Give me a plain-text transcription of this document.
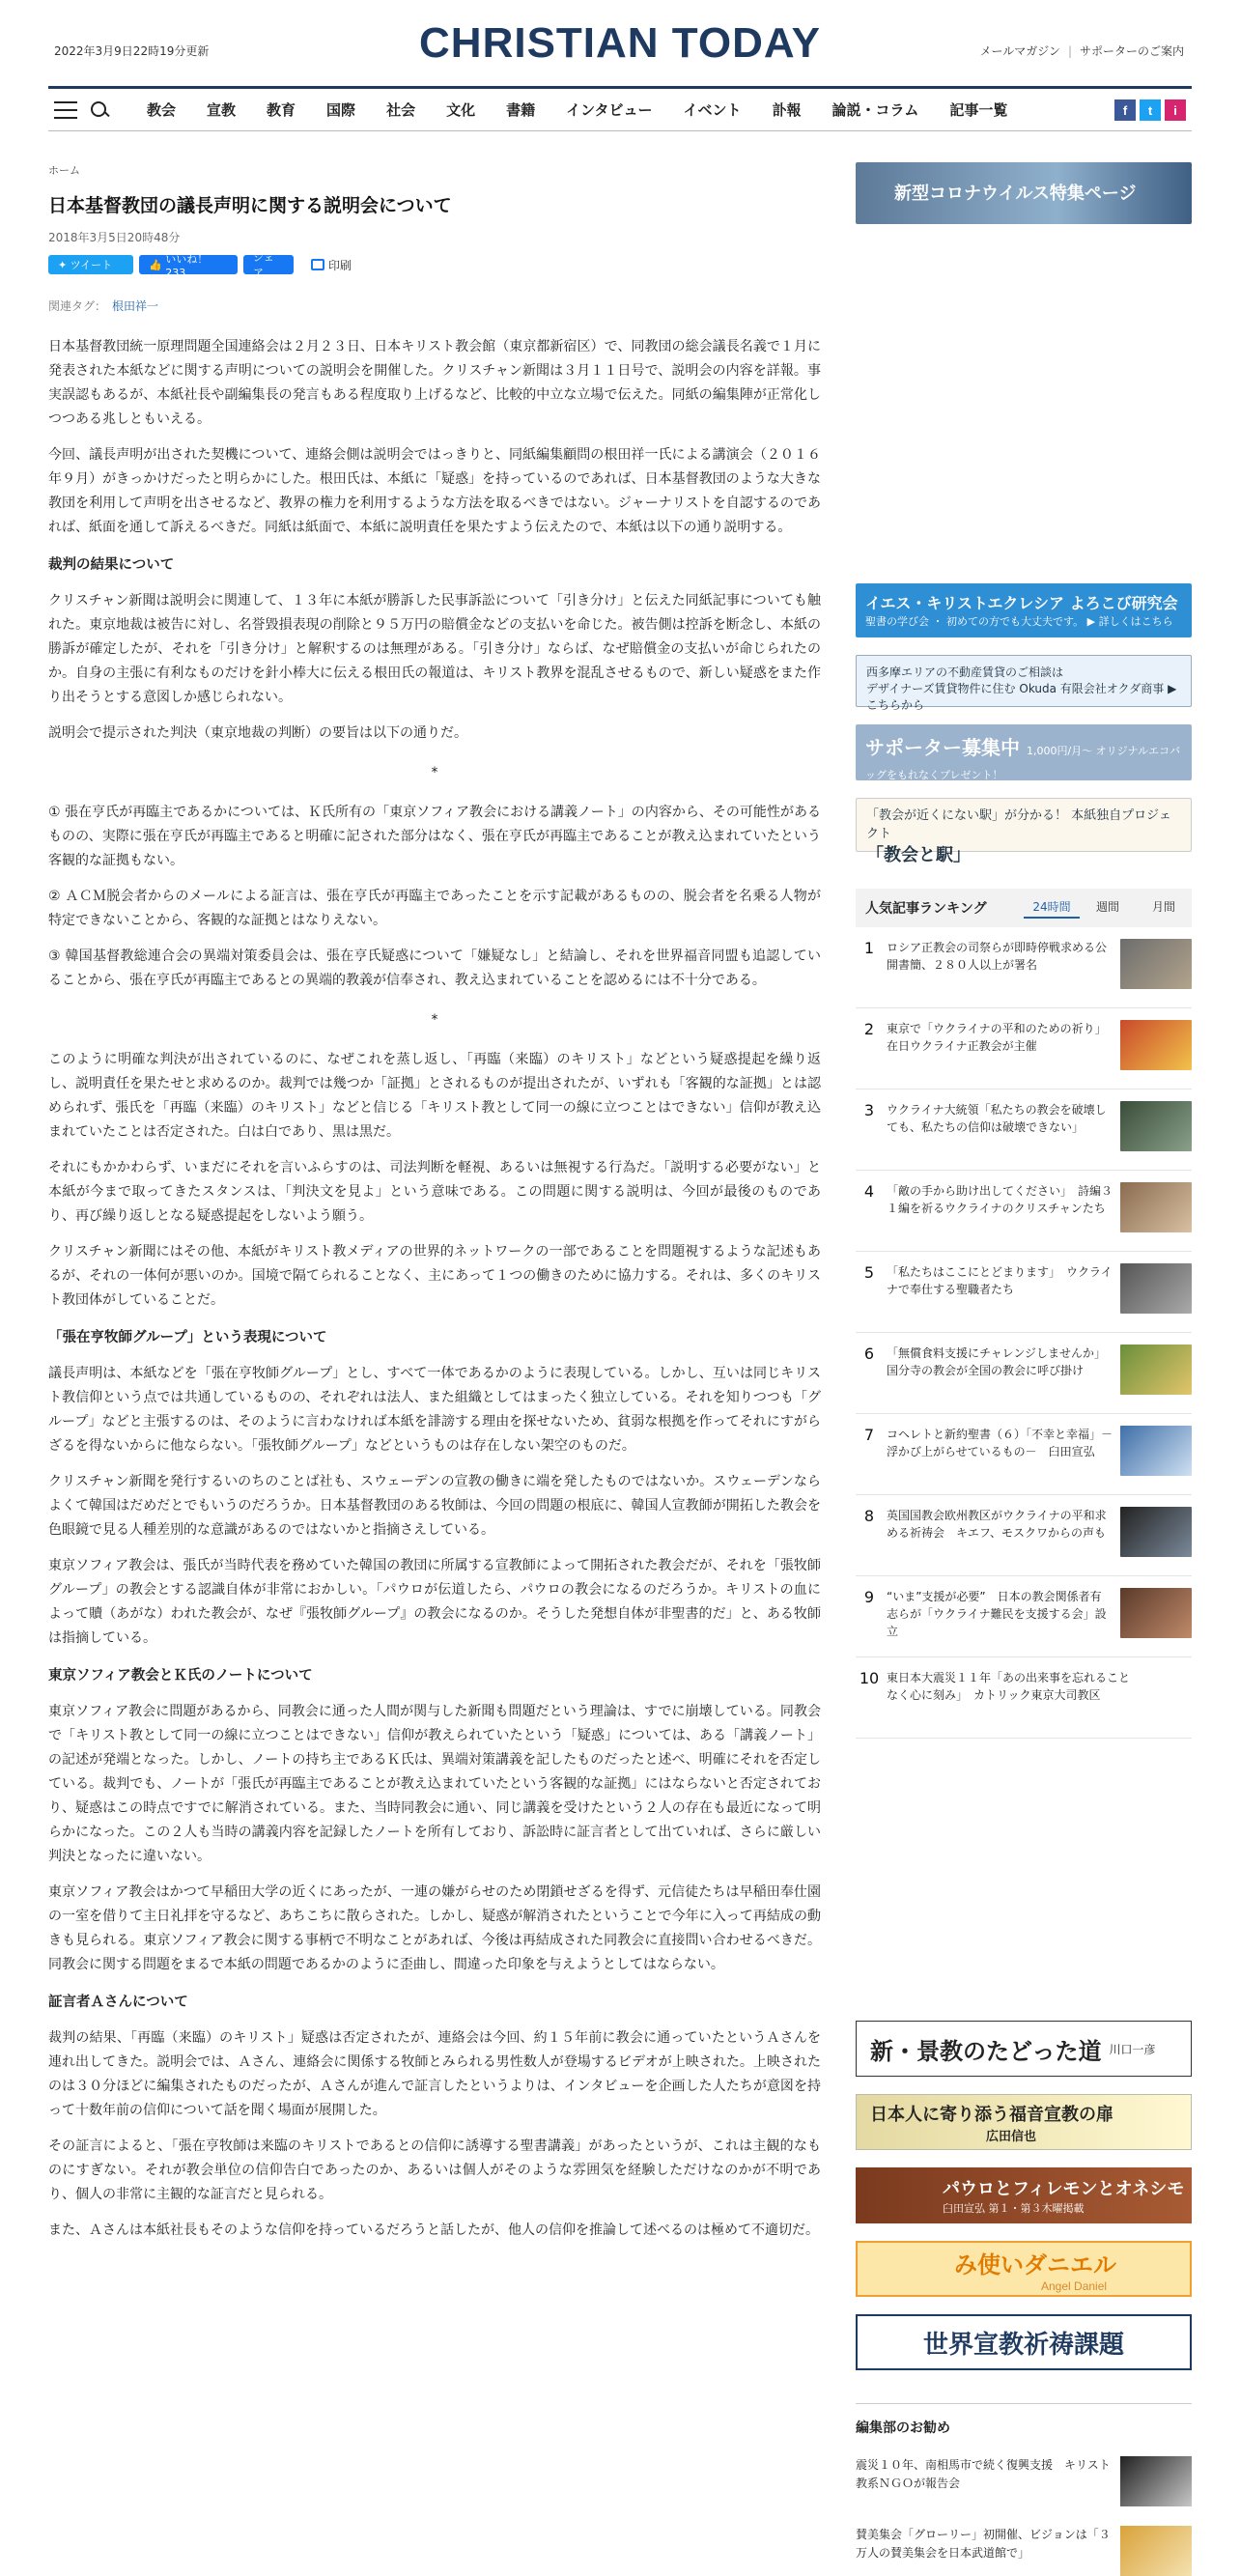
2022年3月9日22時19分更新	CHRISTIAN TODAY	メールマガジン | サポーターのご案内
教会 宣教 教育 国際 社会 文化 書籍 インタビュー イベント 訃報 論説・コラム 記事一覧	f	t	i
ホーム
日本基督教団の議長声明に関する説明会について
2018年3月5日20時48分
✦ ツイート	👍 いいね！ 233
シェア
印刷
関連タグ： 根田祥一

日本基督教団統一原理問題全国連絡会は２月２３日、日本キリスト教会館（東京都新宿区）で、同教団の総会議長名義で１月に発表された本紙などに関する声明についての説明会を開催した。クリスチャン新聞は３月１１日号で、説明会の内容を詳報。事実誤認もあるが、本紙社長や副編集長の発言もある程度取り上げるなど、比較的中立な立場で伝えた。同紙の編集陣が正常化しつつある兆しともいえる。

今回、議長声明が出された契機について、連絡会側は説明会ではっきりと、同紙編集顧問の根田祥一氏による講演会（２０１６年９月）がきっかけだったと明らかにした。根田氏は、本紙に「疑惑」を持っているのであれば、日本基督教団のような大きな教団を利用して声明を出させるなど、教界の権力を利用するような方法を取るべきではない。ジャーナリストを自認するのであれば、紙面を通して訴えるべきだ。同紙は紙面で、本紙に説明責任を果たすよう伝えたので、本紙は以下の通り説明する。

裁判の結果について

クリスチャン新聞は説明会に関連して、１３年に本紙が勝訴した民事訴訟について「引き分け」と伝えた同紙記事についても触れた。東京地裁は被告に対し、名誉毀損表現の削除と９５万円の賠償金などの支払いを命じた。被告側は控訴を断念し、本紙の勝訴が確定したが、それを「引き分け」と解釈するのは無理がある。「引き分け」ならば、なぜ賠償金の支払いが命じられたのか。自身の主張に有利なものだけを針小棒大に伝える根田氏の報道は、キリスト教界を混乱させるもので、新しい疑惑をまた作り出そうとする意図しか感じられない。

説明会で提示された判決（東京地裁の判断）の要旨は以下の通りだ。

*

① 張在亨氏が再臨主であるかについては、Ｋ氏所有の「東京ソフィア教会における講義ノート」の内容から、その可能性があるものの、実際に張在亨氏が再臨主であると明確に記された部分はなく、張在亨氏が再臨主であることが教え込まれていたという客観的な証拠もない。

② ＡＣＭ脱会者からのメールによる証言は、張在亨氏が再臨主であったことを示す記載があるものの、脱会者を名乗る人物が特定できないことから、客観的な証拠とはなりえない。

③ 韓国基督教総連合会の異端対策委員会は、張在亨氏疑惑について「嫌疑なし」と結論し、それを世界福音同盟も追認していることから、張在亨氏が再臨主であるとの異端的教義が信奉され、教え込まれていることを認めるには不十分である。

*

このように明確な判決が出されているのに、なぜこれを蒸し返し、「再臨（来臨）のキリスト」などという疑惑提起を繰り返し、説明責任を果たせと求めるのか。裁判では幾つか「証拠」とされるものが提出されたが、いずれも「客観的な証拠」とは認められず、張氏を「再臨（来臨）のキリスト」などと信じる「キリスト教として同一の線に立つことはできない」信仰が教え込まれていたことは否定された。白は白であり、黒は黒だ。

それにもかかわらず、いまだにそれを言いふらすのは、司法判断を軽視、あるいは無視する行為だ。「説明する必要がない」と本紙が今まで取ってきたスタンスは、「判決文を見よ」という意味である。この問題に関する説明は、今回が最後のものであり、再び繰り返しとなる疑惑提起をしないよう願う。

クリスチャン新聞にはその他、本紙がキリスト教メディアの世界的ネットワークの一部であることを問題視するような記述もあるが、それの一体何が悪いのか。国境で隔てられることなく、主にあって１つの働きのために協力する。それは、多くのキリスト教団体がしていることだ。

「張在亨牧師グループ」という表現について

議長声明は、本紙などを「張在亨牧師グループ」とし、すべて一体であるかのように表現している。しかし、互いは同じキリスト教信仰という点では共通しているものの、それぞれは法人、また組織としてはまったく独立している。それを知りつつも「グループ」などと主張するのは、そのように言わなければ本紙を誹謗する理由を探せないため、貧弱な根拠を作ってそれにすがらざるを得ないからに他ならない。「張牧師グループ」などというものは存在しない架空のものだ。

クリスチャン新聞を発行するいのちのことば社も、スウェーデンの宣教の働きに端を発したものではないか。スウェーデンならよくて韓国はだめだとでもいうのだろうか。日本基督教団のある牧師は、今回の問題の根底に、韓国人宣教師が開拓した教会を色眼鏡で見る人種差別的な意識があるのではないかと指摘さえしている。

東京ソフィア教会は、張氏が当時代表を務めていた韓国の教団に所属する宣教師によって開拓された教会だが、それを「張牧師グループ」の教会とする認識自体が非常におかしい。「パウロが伝道したら、パウロの教会になるのだろうか。キリストの血によって贖（あがな）われた教会が、なぜ『張牧師グループ』の教会になるのか。そうした発想自体が非聖書的だ」と、ある牧師は指摘している。

東京ソフィア教会とＫ氏のノートについて

東京ソフィア教会に問題があるから、同教会に通った人間が関与した新聞も問題だという理論は、すでに崩壊している。同教会で「キリスト教として同一の線に立つことはできない」信仰が教えられていたという「疑惑」については、ある「講義ノート」の記述が発端となった。しかし、ノートの持ち主であるＫ氏は、異端対策講義を記したものだったと述べ、明確にそれを否定している。裁判でも、ノートが「張氏が再臨主であることが教え込まれていたという客観的な証拠」にはならないと否定されており、疑惑はこの時点ですでに解消されている。また、当時同教会に通い、同じ講義を受けたという２人の存在も最近になって明らかになった。この２人も当時の講義内容を記録したノートを所有しており、訴訟時に証言者として出ていれば、さらに厳しい判決となったに違いない。

東京ソフィア教会はかつて早稲田大学の近くにあったが、一連の嫌がらせのため閉鎖せざるを得ず、元信徒たちは早稲田奉仕園の一室を借りて主日礼拝を守るなど、あちこちに散らされた。しかし、疑惑が解消されたということで今年に入って再結成の動きも見られる。東京ソフィア教会に関する事柄で不明なことがあれば、今後は再結成された同教会に直接問い合わせるべきだ。同教会に関する問題をまるで本紙の問題であるかのように歪曲し、間違った印象を与えようとしてはならない。

証言者Ａさんについて

裁判の結果、「再臨（来臨）のキリスト」疑惑は否定されたが、連絡会は今回、約１５年前に教会に通っていたというＡさんを連れ出してきた。説明会では、Ａさん、連絡会に関係する牧師とみられる男性数人が登場するビデオが上映された。上映されたのは３０分ほどに編集されたものだったが、Ａさんが進んで証言したというよりは、インタビューを企画した人たちが意図を持って十数年前の信仰について話を聞く場面が展開した。

その証言によると、「張在亨牧師は来臨のキリストであるとの信仰に誘導する聖書講義」があったというが、これは主観的なものにすぎない。それが教会単位の信仰告白であったのか、あるいは個人がそのような雰囲気を経験しただけなのかが不明であり、個人の非常に主観的な証言だと見られる。

また、Ａさんは本紙社長もそのような信仰を持っているだろうと話したが、他人の信仰を推論して述べるのは極めて不適切だ。

新型コロナウイルス特集ページ
イエス・キリストエクレシア よろこび研究会
聖書の学び会 ・ 初めての方でも大丈夫です。 ▶ 詳しくはこちら
西多摩エリアの不動産賃貸のご相談は
デザイナーズ賃貸物件に住む Okuda 有限会社オクダ商事 ▶こちらから
サポーター募集中 1,000円/月〜 オリジナルエコバッグをもれなくプレゼント！
「教会が近くにない駅」が分かる！ 本紙独自プロジェクト
「教会と駅」
人気記事ランキング	24時間	週間	月間
1	ロシア正教会の司祭らが即時停戦求める公開書簡、２８０人以上が署名
2	東京で「ウクライナの平和のための祈り」　在日ウクライナ正教会が主催
3	ウクライナ大統領「私たちの教会を破壊しても、私たちの信仰は破壊できない」
4	「敵の手から助け出してください」　詩編３１編を祈るウクライナのクリスチャンたち
5	「私たちはここにとどまります」　ウクライナで奉仕する聖職者たち
6	「無償食料支援にチャレンジしませんか」　国分寺の教会が全国の教会に呼び掛け
7	コヘレトと新約聖書（６）「不幸と幸福」－浮かび上がらせているもの－　臼田宣弘
8	英国国教会欧州教区がウクライナの平和求める祈祷会　キエフ、モスクワからの声も
9	“いま”支援が必要”　日本の教会関係者有志らが「ウクライナ難民を支援する会」設立
10 東日本大震災１１年「あの出来事を忘れることなく心に刻み」　カトリック東京大司教区
新・景教のたどった道 川口一彦
日本人に寄り添う福音宣教の扉
広田信也
パウロとフィレモンとオネシモ
臼田宣弘 第１・第３木曜掲載
み使いダニエル
Angel Daniel
世界宣教祈祷課題
編集部のお勧め
震災１０年、南相馬市で続く復興支援　キリスト教系ＮＧＯが報告会
賛美集会「グローリー」初開催、ビジョンは「３万人の賛美集会を日本武道館で」
